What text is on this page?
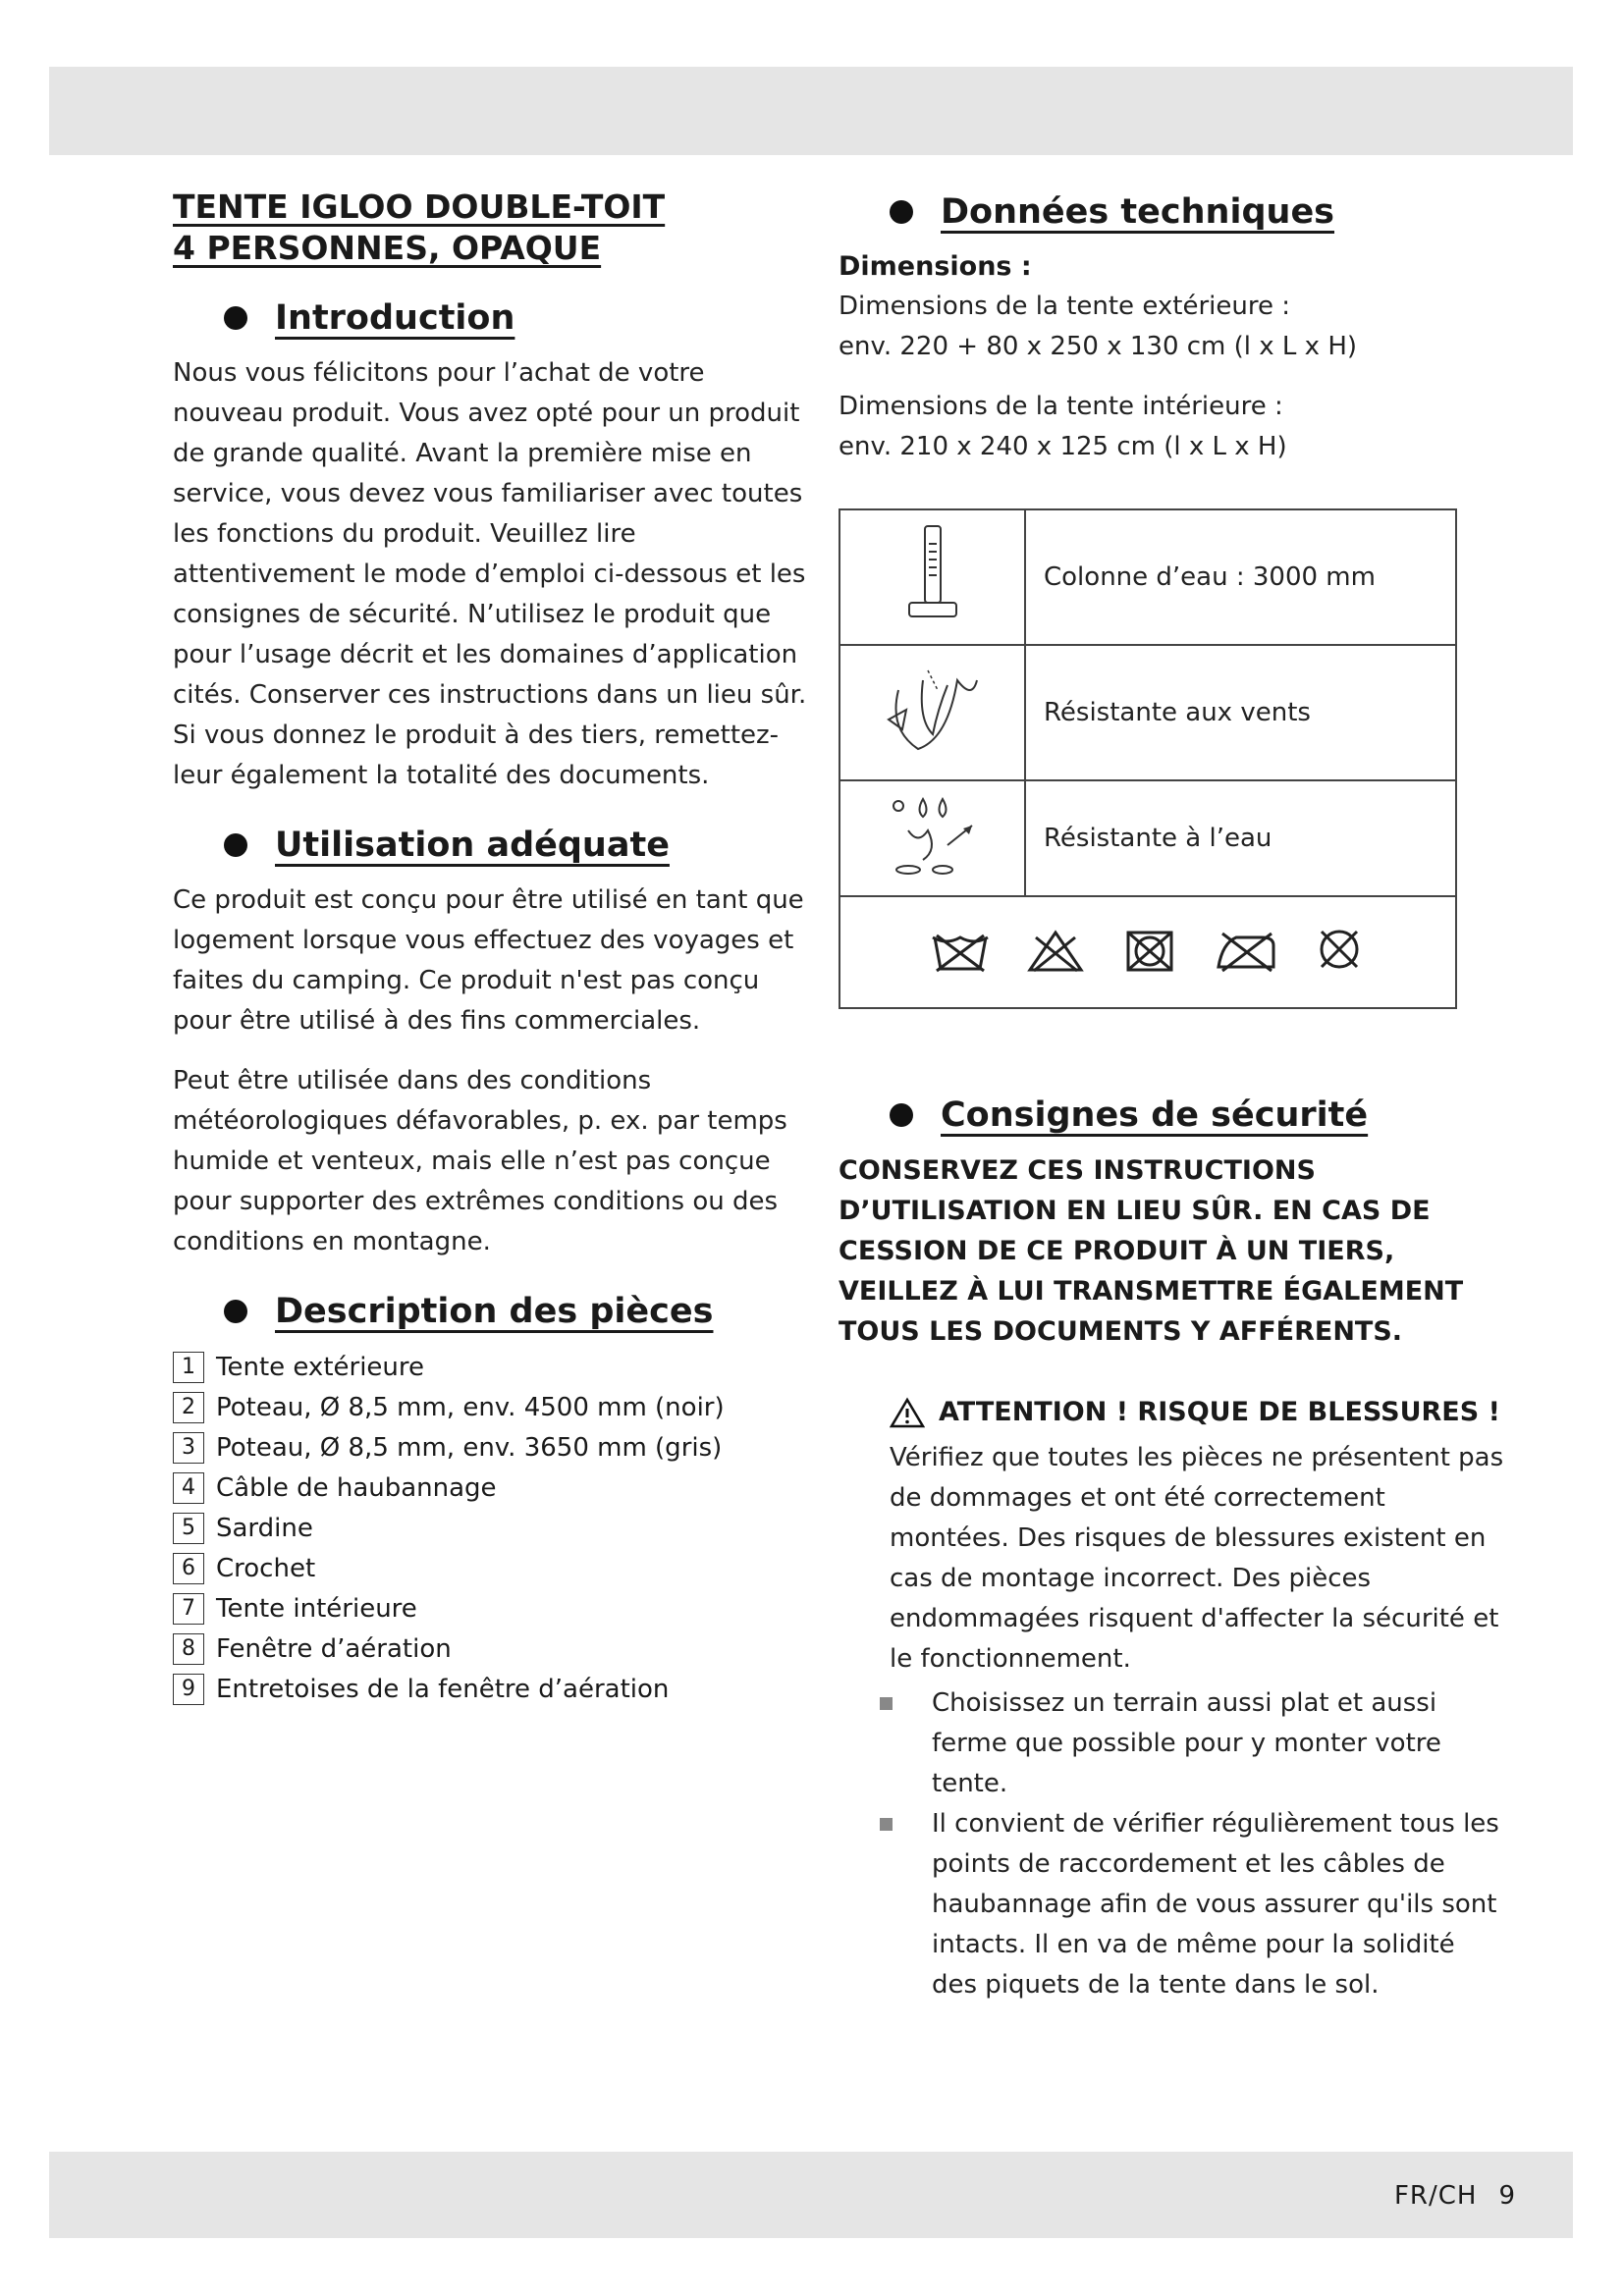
TENTE IGLOO DOUBLE-TOIT
4 PERSONNES, OPAQUE
Introduction

Nous vous félicitons pour l’achat de votre nouveau produit. Vous avez opté pour un produit de grande qualité. Avant la première mise en service, vous devez vous familiariser avec toutes les fonctions du produit. Veuillez lire attentivement le mode d’emploi ci-dessous et les consignes de sécurité. N’utilisez le produit que pour l’usage décrit et les domaines d’application cités. Conserver ces instructions dans un lieu sûr. Si vous donnez le produit à des tiers, remettez-leur également la totalité des documents.

Utilisation adéquate

Ce produit est conçu pour être utilisé en tant que logement lorsque vous effectuez des voyages et faites du camping. Ce produit n'est pas conçu pour être utilisé à des fins commerciales.

Peut être utilisée dans des conditions météorologiques défavorables, p. ex. par temps humide et venteux, mais elle n’est pas conçue pour supporter des extrêmes conditions ou des conditions en montagne.

Description des pièces
1 Tente extérieure
2 Poteau, Ø 8,5 mm, env. 4500 mm (noir)
3 Poteau, Ø 8,5 mm, env. 3650 mm (gris)
4 Câble de haubannage
5 Sardine
6 Crochet
7 Tente intérieure
8 Fenêtre d’aération
9 Entretoises de la fenêtre d’aération
Données techniques
Dimensions :

Dimensions de la tente extérieure :
env. 220 + 80 x 250 x 130 cm (l x L x H)

Dimensions de la tente intérieure :
env. 210 x 240 x 125 cm (l x L x H)

	Colonne d’eau : 3000 mm
	Résistante aux vents
	Résistante à l’eau

Consignes de sécurité

CONSERVEZ CES INSTRUCTIONS D’UTILISATION EN LIEU SÛR. EN CAS DE CESSION DE CE PRODUIT À UN TIERS, VEILLEZ À LUI TRANSMETTRE ÉGALEMENT TOUS LES DOCUMENTS Y AFFÉRENTS.

ATTENTION ! RISQUE DE BLESSURES !

Vérifiez que toutes les pièces ne présentent pas de dommages et ont été correctement montées. Des risques de blessures existent en cas de montage incorrect. Des pièces endommagées risquent d'affecter la sécurité et le fonctionnement.

Choisissez un terrain aussi plat et aussi ferme que possible pour y monter votre tente.
Il convient de vérifier régulièrement tous les points de raccordement et les câbles de haubannage afin de vous assurer qu'ils sont intacts. Il en va de même pour la solidité des piquets de la tente dans le sol.
FR/CH 9
